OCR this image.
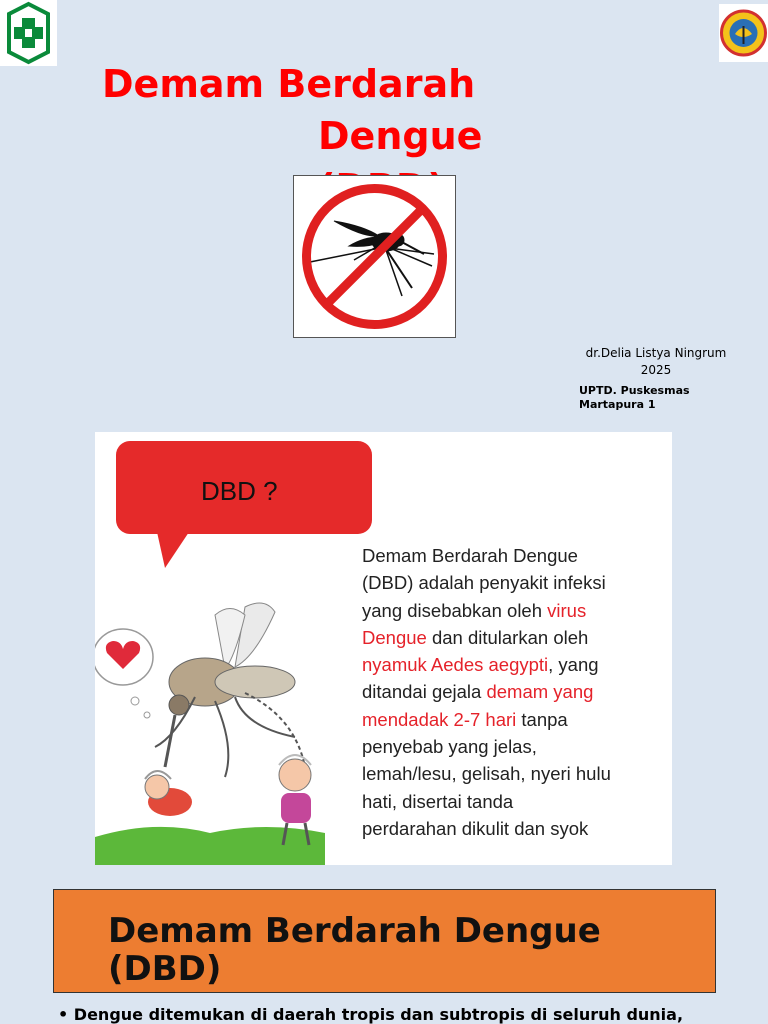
Demam Berdarah
Dengue
dr.Delia Listya Ningrum
2025
UPTD. Puskesmas Martapura 1
DBD ?
Demam Berdarah Dengue
(DBD) adalah penyakit infeksi
yang disebabkan oleh virus
Dengue dan ditularkan oleh
nyamuk Aedes aegypti, yang
ditandai gejala demam yang
mendadak 2-7 hari tanpa
penyebab yang jelas,
lemah/lesu, gelisah, nyeri hulu
hati, disertai tanda
perdarahan dikulit dan syok
Demam Berdarah Dengue (DBD)
• Dengue ditemukan di daerah tropis dan subtropis di seluruh dunia,
